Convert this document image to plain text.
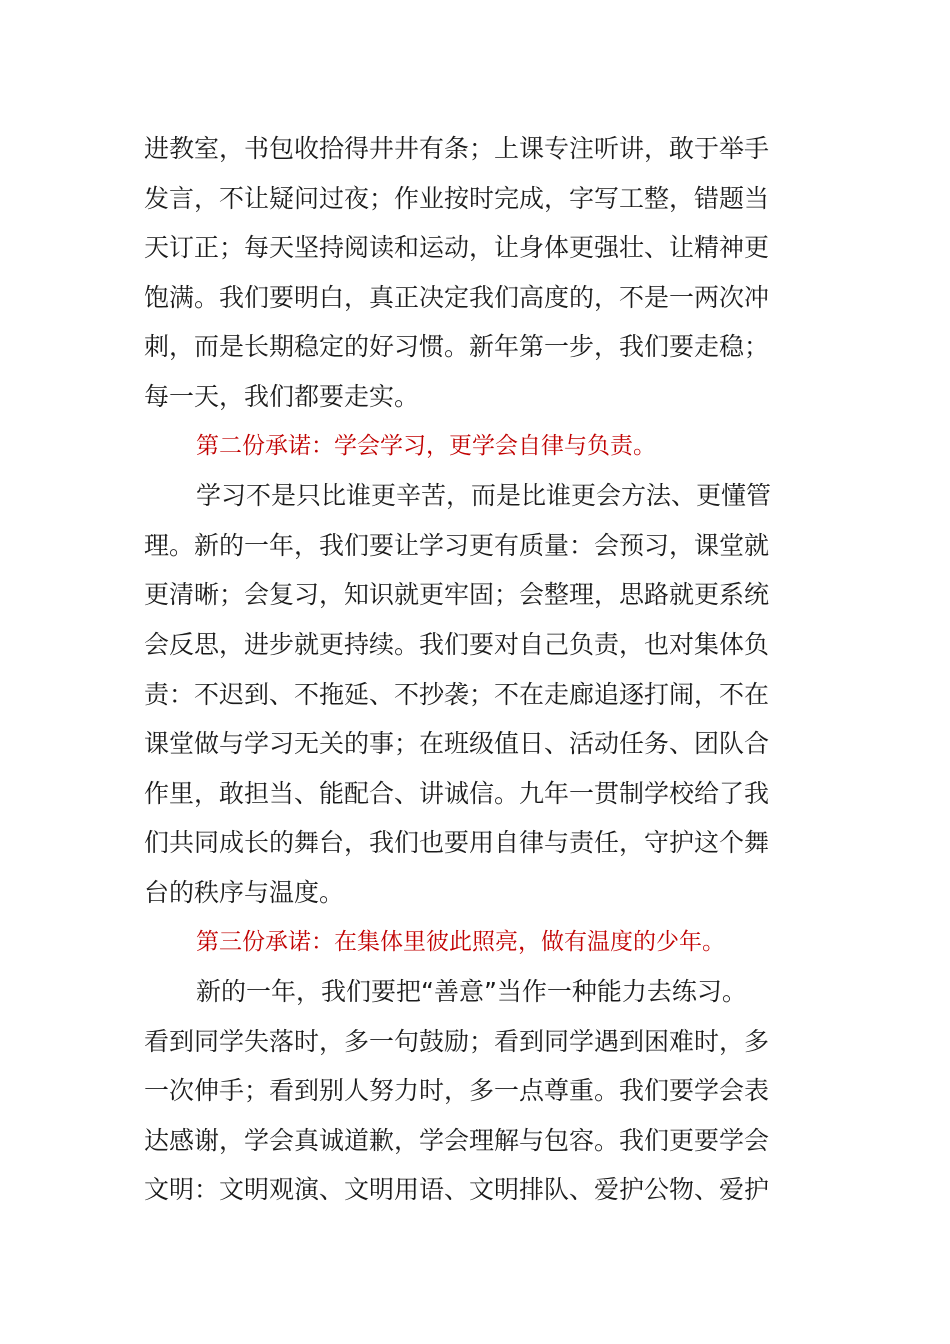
进教室，书包收拾得井井有条；上课专注听讲，敢于举手
发言，不让疑问过夜；作业按时完成，字写工整，错题当
天订正；每天坚持阅读和运动，让身体更强壮、让精神更
饱满。我们要明白，真正决定我们高度的，不是一两次冲
刺，而是长期稳定的好习惯。新年第一步，我们要走稳；
每一天，我们都要走实。
第二份承诺：学会学习，更学会自律与负责。
学习不是只比谁更辛苦，而是比谁更会方法、更懂管
理。新的一年，我们要让学习更有质量：会预习，课堂就
更清晰；会复习，知识就更牢固；会整理，思路就更系统
会反思，进步就更持续。我们要对自己负责，也对集体负
责：不迟到、不拖延、不抄袭；不在走廊追逐打闹，不在
课堂做与学习无关的事；在班级值日、活动任务、团队合
作里，敢担当、能配合、讲诚信。九年一贯制学校给了我
们共同成长的舞台，我们也要用自律与责任，守护这个舞
台的秩序与温度。
第三份承诺：在集体里彼此照亮，做有温度的少年。
新的一年，我们要把“善意”当作一种能力去练习。
看到同学失落时，多一句鼓励；看到同学遇到困难时，多
一次伸手；看到别人努力时，多一点尊重。我们要学会表
达感谢，学会真诚道歉，学会理解与包容。我们更要学会
文明：文明观演、文明用语、文明排队、爱护公物、爱护
